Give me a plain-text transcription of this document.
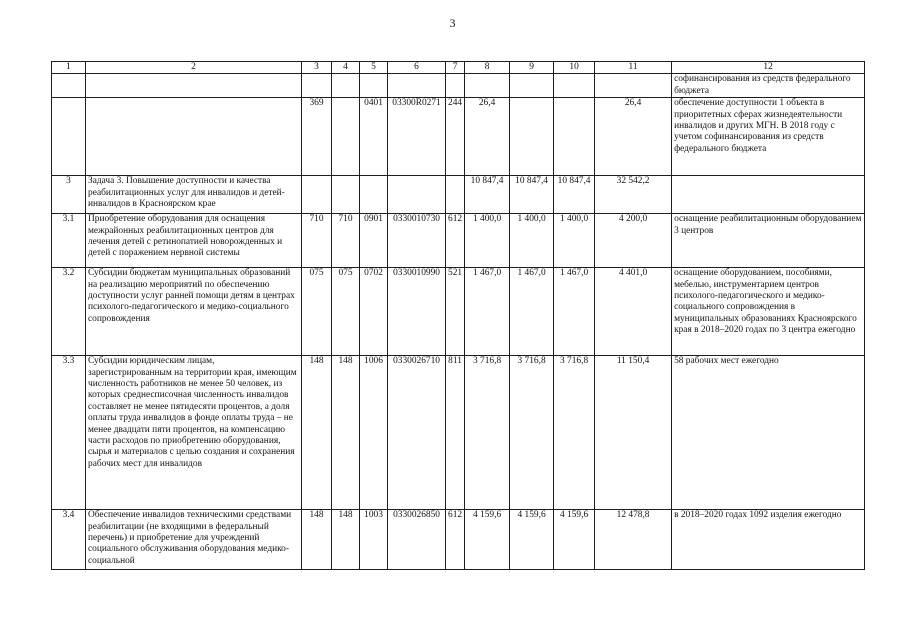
3
1	2	3	4	5	6	7	8	9	10	11	12
											софинансирования из средств федерального бюджета
		369		0401	03300R0271	244	26,4			26,4	обеспечение доступности 1 объекта в приоритетных сферах жизнедеятельности инвалидов и других МГН. В 2018 году с учетом софинансирования из средств федерального бюджета
3	Задача 3. Повышение доступности и качества реабилитационных услуг для инвалидов и детей-инвалидов в Красноярском крае						10 847,4	10 847,4	10 847,4	32 542,2	
3.1	Приобретение оборудования для оснащения межрайонных реабилитационных центров для лечения детей с ретинопатией новорожденных и детей с поражением нервной системы	710	710	0901	0330010730	612	1 400,0	1 400,0	1 400,0	4 200,0	оснащение реабилитационным оборудованием 3 центров
3.2	Субсидии бюджетам муниципальных образований на реализацию мероприятий по обеспечению доступности услуг ранней помощи детям в центрах психолого-педагогического и медико-социального сопровождения	075	075	0702	0330010990	521	1 467,0	1 467,0	1 467,0	4 401,0	оснащение оборудованием, пособиями, мебелью, инструментарием центров психолого-педагогического и медико-социального сопровождения в муниципальных образованиях Красноярского края в 2018–2020 годах по 3 центра ежегодно
3.3	Субсидии юридическим лицам, зарегистрированным на территории края, имеющим численность работников не менее 50 человек, из которых среднесписочная численность инвалидов составляет не менее пятидесяти процентов, а доля оплаты труда инвалидов в фонде оплаты труда – не менее двадцати пяти процентов, на компенсацию части расходов по приобретению оборудования, сырья и материалов с целью создания и сохранения рабочих мест для инвалидов	148	148	1006	0330026710	811	3 716,8	3 716,8	3 716,8	11 150,4	58 рабочих мест ежегодно
3.4	Обеспечение инвалидов техническими средствами реабилитации (не входящими в федеральный перечень) и приобретение для учреждений социального обслуживания оборудования медико-социальной	148	148	1003	0330026850	612	4 159,6	4 159,6	4 159,6	12 478,8	в 2018–2020 годах 1092 изделия ежегодно
